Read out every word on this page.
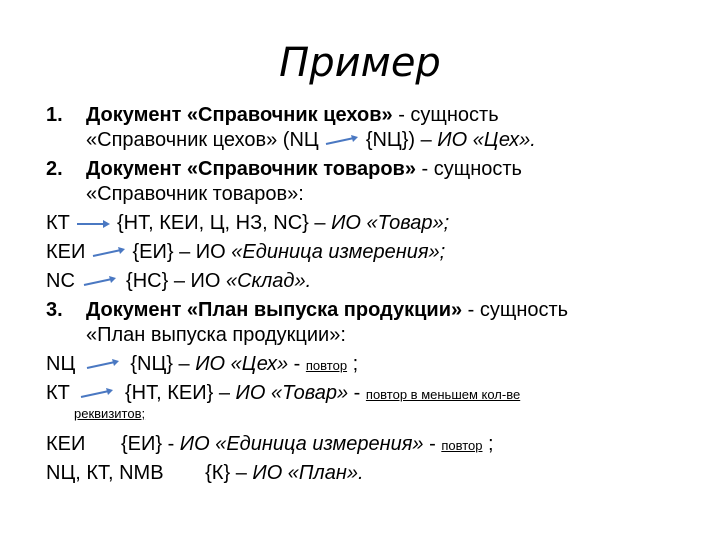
Пример
1. Документ «Справочник цехов» - сущность
«Справочник цехов» (NЦ {NЦ}) – ИО «Цех».
2. Документ «Справочник товаров» - сущность
«Справочник товаров»:
КТ {НТ, КЕИ, Ц, НЗ, NC} – ИО «Товар»;
КЕИ {ЕИ} – ИО «Единица измерения»;
NC	{НС} – ИО «Склад».
3. Документ «План выпуска продукции» - сущность
«План выпуска продукции»:
NЦ	{NЦ} – ИО «Цех» - повтор ;
КТ	{НТ, КЕИ} – ИО «Товар» - повтор в меньшем кол-ве
реквизитов;
КЕИ {ЕИ} - ИО «Единица измерения» - повтор ;
NЦ, КТ, NMB {К} – ИО «План».
